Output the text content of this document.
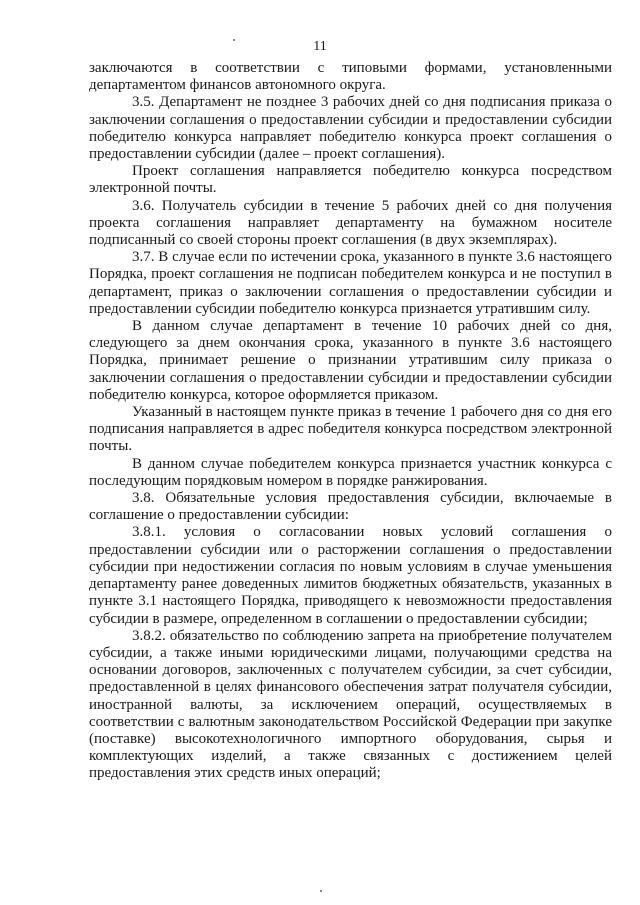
11

заключаются в соответствии с типовыми формами, установленными департаментом финансов автономного округа.

3.5. Департамент не позднее 3 рабочих дней со дня подписания приказа о заключении соглашения о предоставлении субсидии и предоставлении субсидии победителю конкурса направляет победителю конкурса проект соглашения о предоставлении субсидии (далее – проект соглашения).

Проект соглашения направляется победителю конкурса посредством электронной почты.

3.6. Получатель субсидии в течение 5 рабочих дней со дня получения проекта соглашения направляет департаменту на бумажном носителе подписанный со своей стороны проект соглашения (в двух экземплярах).

3.7. В случае если по истечении срока, указанного в пункте 3.6 настоящего Порядка, проект соглашения не подписан победителем конкурса и не поступил в департамент, приказ о заключении соглашения о предоставлении субсидии и предоставлении субсидии победителю конкурса признается утратившим силу.

В данном случае департамент в течение 10 рабочих дней со дня, следующего за днем окончания срока, указанного в пункте 3.6 настоящего Порядка, принимает решение о признании утратившим силу приказа о заключении соглашения о предоставлении субсидии и предоставлении субсидии победителю конкурса, которое оформляется приказом.

Указанный в настоящем пункте приказ в течение 1 рабочего дня со дня его подписания направляется в адрес победителя конкурса посредством электронной почты.

В данном случае победителем конкурса признается участник конкурса с последующим порядковым номером в порядке ранжирования.

3.8. Обязательные условия предоставления субсидии, включаемые в соглашение о предоставлении субсидии:

3.8.1. условия о согласовании новых условий соглашения о предоставлении субсидии или о расторжении соглашения о предоставлении субсидии при недостижении согласия по новым условиям в случае уменьшения департаменту ранее доведенных лимитов бюджетных обязательств, указанных в пункте 3.1 настоящего Порядка, приводящего к невозможности предоставления субсидии в размере, определенном в соглашении о предоставлении субсидии;

3.8.2. обязательство по соблюдению запрета на приобретение получателем субсидии, а также иными юридическими лицами, получающими средства на основании договоров, заключенных с получателем субсидии, за счет субсидии, предоставленной в целях финансового обеспечения затрат получателя субсидии, иностранной валюты, за исключением операций, осуществляемых в соответствии с валютным законодательством Российской Федерации при закупке (поставке) высокотехнологичного импортного оборудования, сырья и комплектующих изделий, а также связанных с достижением целей предоставления этих средств иных операций;
